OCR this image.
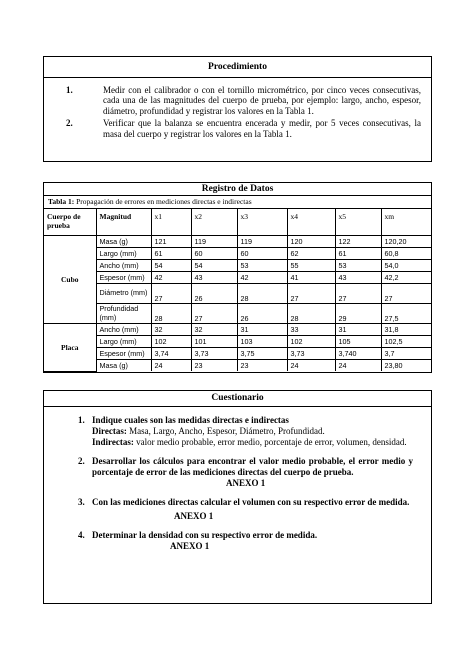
Procedimiento
1.	Medir con el calibrador o con el tornillo micrométrico, por cinco veces consecutivas, cada una de las magnitudes del cuerpo de prueba, por ejemplo: largo, ancho, espesor, diámetro, profundidad y registrar los valores en la Tabla 1.
2.	Verificar que la balanza se encuentra encerada y medir, por 5 veces consecutivas, la masa del cuerpo y registrar los valores en la Tabla 1.
Registro de Datos
Tabla 1: Propagación de errores en mediciones directas e indirectas
Cuerpo de prueba	Magnitud	x1	x2	x3	x4	x5	xm
Cubo	Masa (g)	121	119	119	120	122	120,20
	Largo (mm)	61	60	60	62	61	60,8
	Ancho (mm)	54	54	53	55	53	54,0
	Espesor (mm)	42	43	42	41	43	42,2
	Diámetro (mm)	27	26	28	27	27	27
	Profundidad (mm)	28	27	26	28	29	27,5
Placa	Ancho (mm)	32	32	31	33	31	31,8
	Largo (mm)	102	101	103	102	105	102,5
	Espesor (mm)	3,74	3,73	3,75	3,73	3,740	3,7
	Masa (g)	24	23	23	24	24	23,80
Cuestionario
1. Indique cuales son las medidas directas e indirectas
Directas: Masa, Largo, Ancho, Espesor, Diámetro, Profundidad.
Indirectas: valor medio probable, error medio, porcentaje de error, volumen, densidad.
2. Desarrollar los cálculos para encontrar el valor medio probable, el error medio y porcentaje de error de las mediciones directas del cuerpo de prueba.
ANEXO 1
3. Con las mediciones directas calcular el volumen con su respectivo error de medida.
ANEXO 1
4. Determinar la densidad con su respectivo error de medida.
ANEXO 1
